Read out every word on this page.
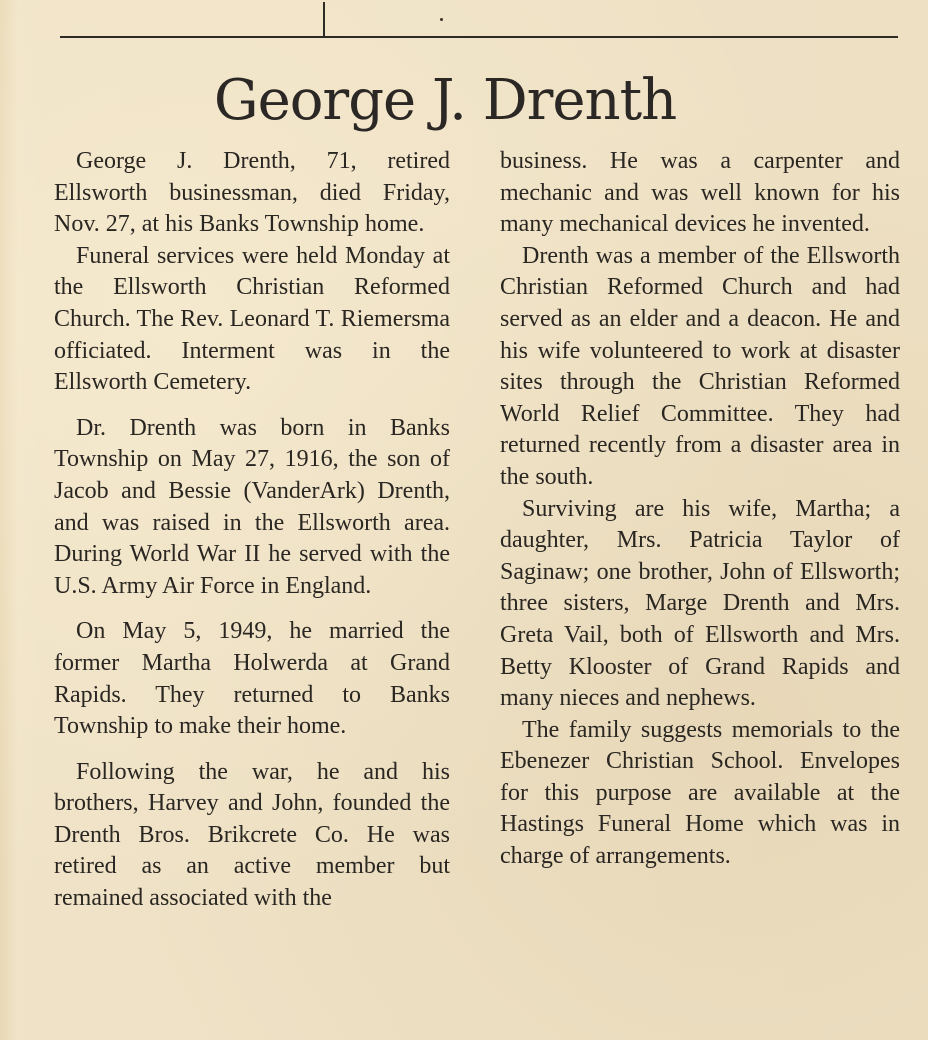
George J. Drenth

George J. Drenth, 71, retired Ellsworth businessman, died Friday, Nov. 27, at his Banks Township home.

Funeral services were held Monday at the Ellsworth Christian Reformed Church. The Rev. Leonard T. Riemersma officiated. Interment was in the Ellsworth Cemetery.

Dr. Drenth was born in Banks Township on May 27, 1916, the son of Jacob and Bessie (VanderArk) Drenth, and was raised in the Ellsworth area. During World War II he served with the U.S. Army Air Force in England.

On May 5, 1949, he married the former Martha Holwerda at Grand Rapids. They returned to Banks Township to make their home.

Following the war, he and his brothers, Harvey and John, founded the Drenth Bros. Brikcrete Co. He was retired as an active member but remained associated with the

business. He was a carpenter and mechanic and was well known for his many mechanical devices he invented.

Drenth was a member of the Ellsworth Christian Reformed Church and had served as an elder and a deacon. He and his wife volunteered to work at disaster sites through the Christian Reformed World Relief Committee. They had returned recently from a disaster area in the south.

Surviving are his wife, Martha; a daughter, Mrs. Patricia Taylor of Saginaw; one brother, John of Ellsworth; three sisters, Marge Drenth and Mrs. Greta Vail, both of Ellsworth and Mrs. Betty Klooster of Grand Rapids and many nieces and nephews.

The family suggests memorials to the Ebenezer Christian School. Envelopes for this purpose are available at the Hastings Funeral Home which was in charge of arrangements.
